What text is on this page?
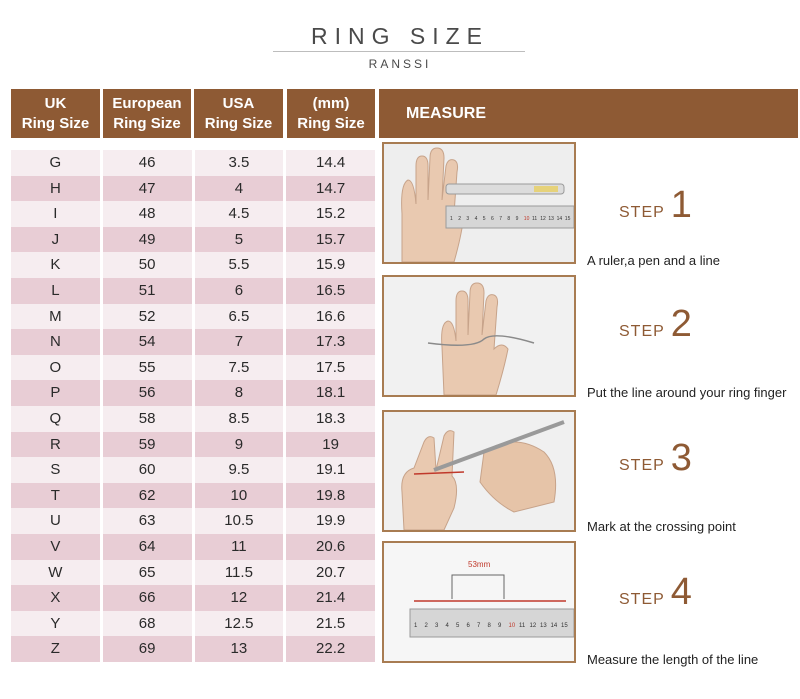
RING SIZE
RANSSI
UK
Ring Size
European
Ring Size
USA
Ring Size
(mm)
Ring Size
MEASURE
G	46	3.5	14.4
H	47	4	14.7
I	48	4.5	15.2
J	49	5	15.7
K	50	5.5	15.9
L	51	6	16.5
M	52	6.5	16.6
N	54	7	17.3
O	55	7.5	17.5
P	56	8	18.1
Q	58	8.5	18.3
R	59	9	19
S	60	9.5	19.1
T	62	10	19.8
U	63	10.5	19.9
V	64	11	20.6
W	65	11.5	20.7
X	66	12	21.4
Y	68	12.5	21.5
Z	69	13	22.2
1 2 3 4 5 6 7 8 9 10 11 12 13 14 15
53mm
1 2 3 4 5 6 7 8 9 10 11 12 13 14 15
STEP 1
A ruler,a pen and a line
STEP 2
Put the line around your ring finger
STEP 3
Mark at the crossing point
STEP 4
Measure the length of the line
